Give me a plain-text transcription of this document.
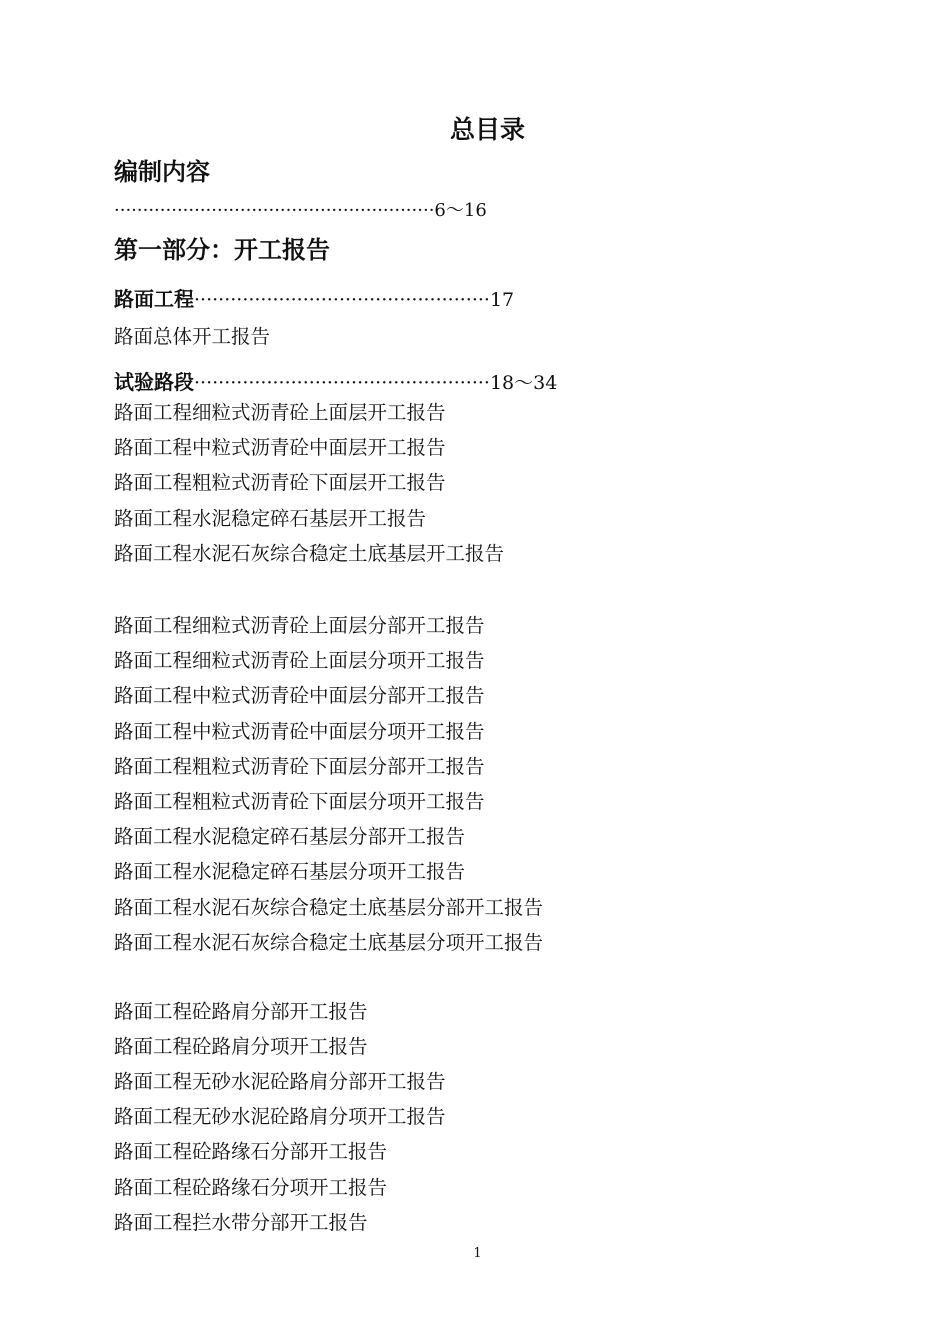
总目录
编制内容
························································6～16
第一部分：开工报告
路面工程·················································17
路面总体开工报告
试验路段·················································18～34
路面工程细粒式沥青砼上面层开工报告
路面工程中粒式沥青砼中面层开工报告
路面工程粗粒式沥青砼下面层开工报告
路面工程水泥稳定碎石基层开工报告
路面工程水泥石灰综合稳定土底基层开工报告
路面工程细粒式沥青砼上面层分部开工报告
路面工程细粒式沥青砼上面层分项开工报告
路面工程中粒式沥青砼中面层分部开工报告
路面工程中粒式沥青砼中面层分项开工报告
路面工程粗粒式沥青砼下面层分部开工报告
路面工程粗粒式沥青砼下面层分项开工报告
路面工程水泥稳定碎石基层分部开工报告
路面工程水泥稳定碎石基层分项开工报告
路面工程水泥石灰综合稳定土底基层分部开工报告
路面工程水泥石灰综合稳定土底基层分项开工报告
路面工程砼路肩分部开工报告
路面工程砼路肩分项开工报告
路面工程无砂水泥砼路肩分部开工报告
路面工程无砂水泥砼路肩分项开工报告
路面工程砼路缘石分部开工报告
路面工程砼路缘石分项开工报告
路面工程拦水带分部开工报告
1
